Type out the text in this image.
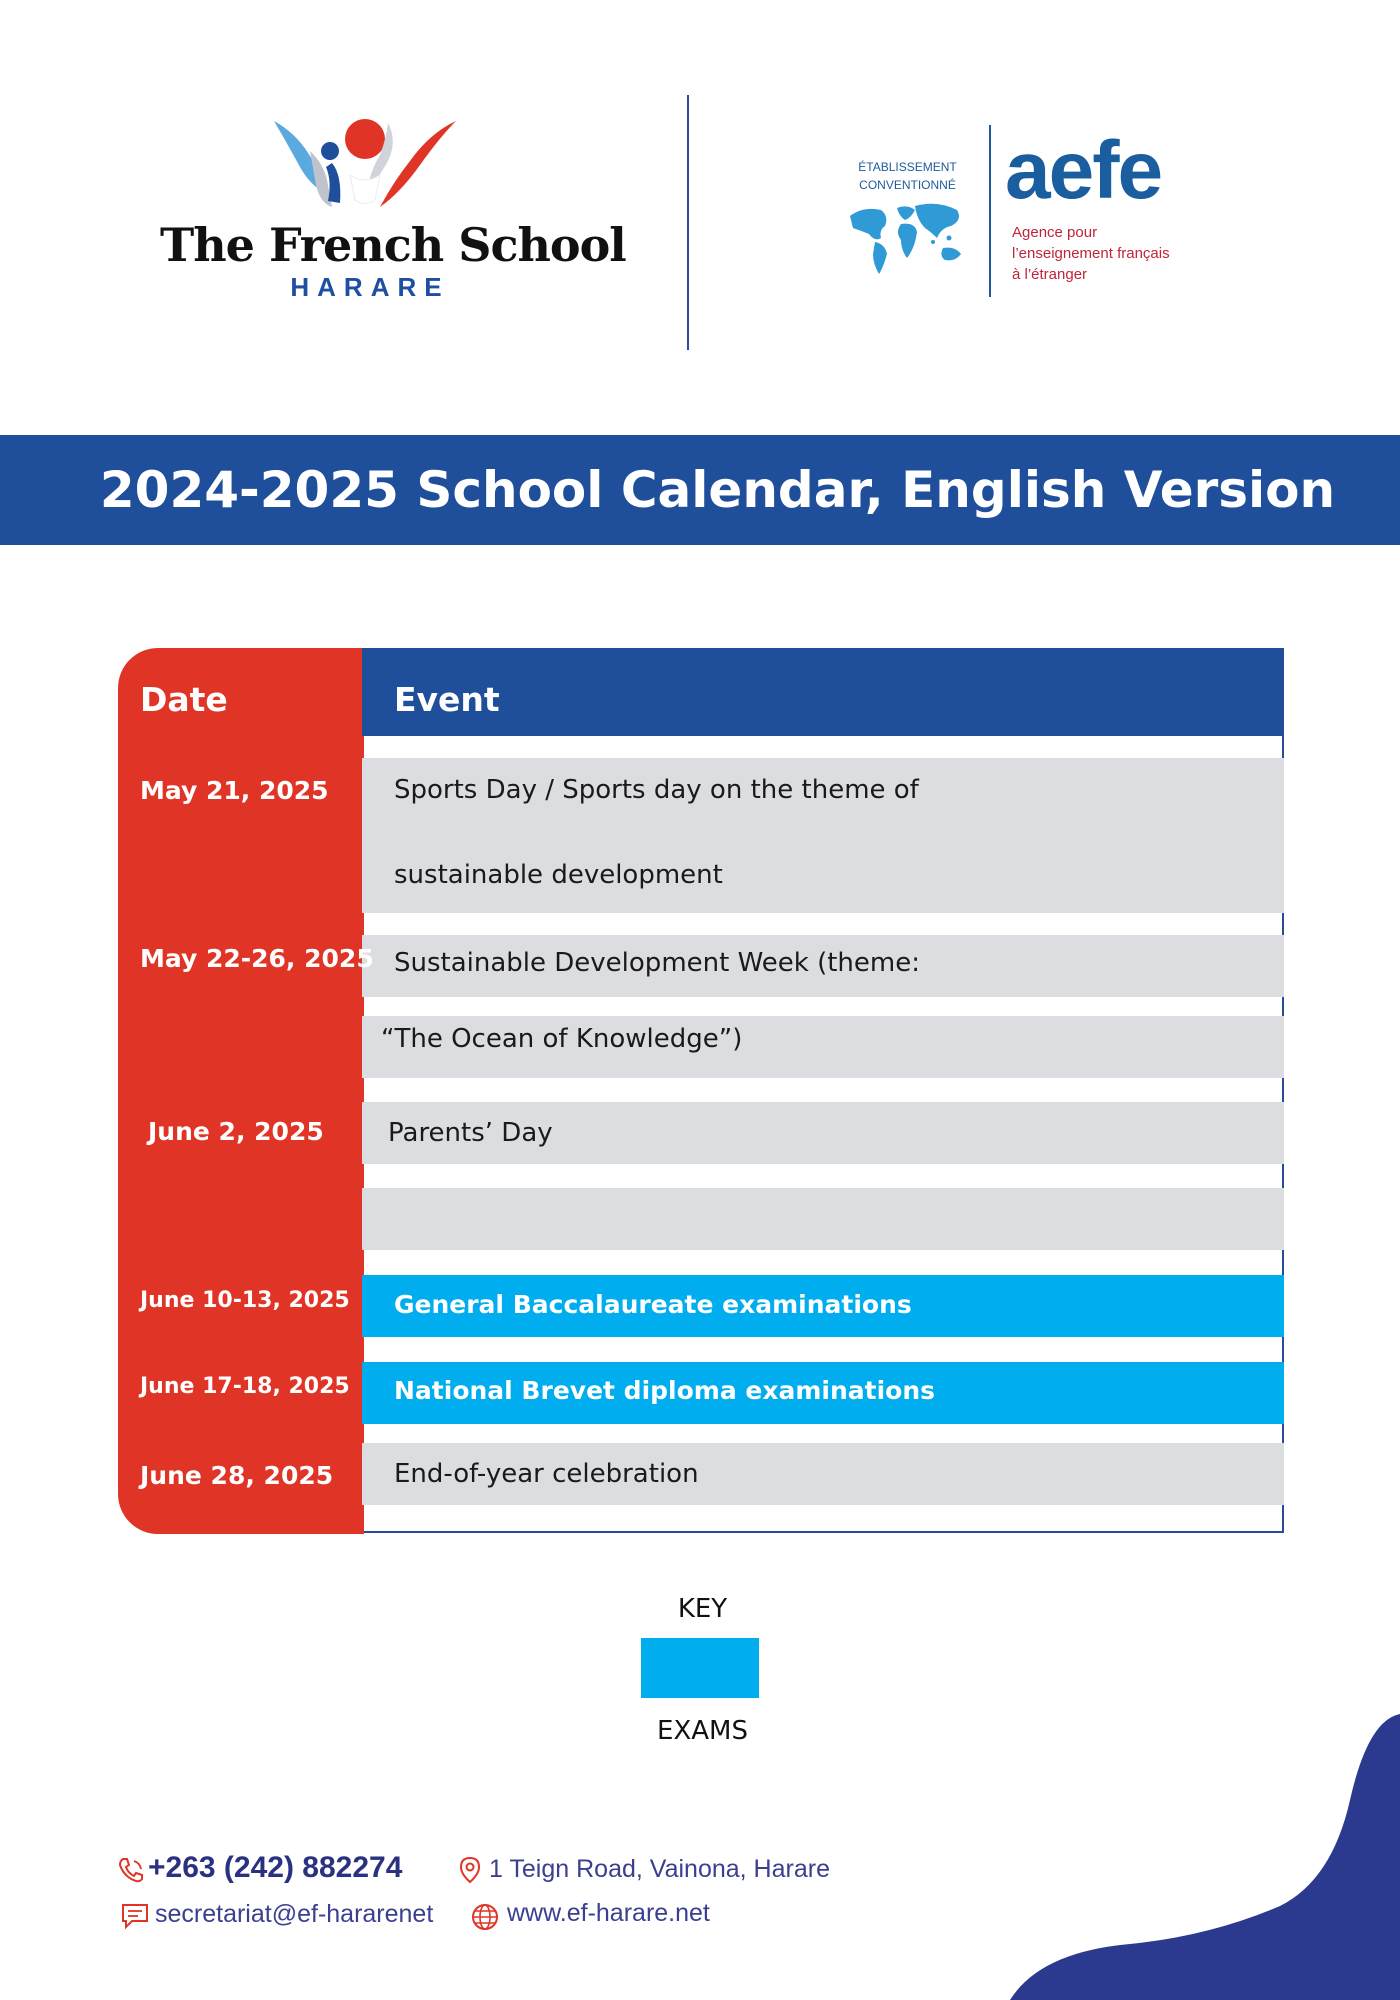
The French School
HARARE
ÉTABLISSEMENT
CONVENTIONNÉ aefe
Agence pour
l’enseignement français
à l’étranger
2024-2025 School Calendar, English Version
Date	Event
May 21, 2025	Sports Day / Sports day on the theme of
sustainable development
May 22-26, 2025 Sustainable Development Week (theme:
“The Ocean of Knowledge”)
June 2, 2025 Parents’ Day
June 10-13, 2025 General Baccalaureate examinations
June 17-18, 2025 National Brevet diploma examinations
June 28, 2025 End-of-year celebration
KEY
EXAMS
+263 (242) 882274	1 Teign Road, Vainona, Harare
secretariat@ef-hararenet	www.ef-harare.net
